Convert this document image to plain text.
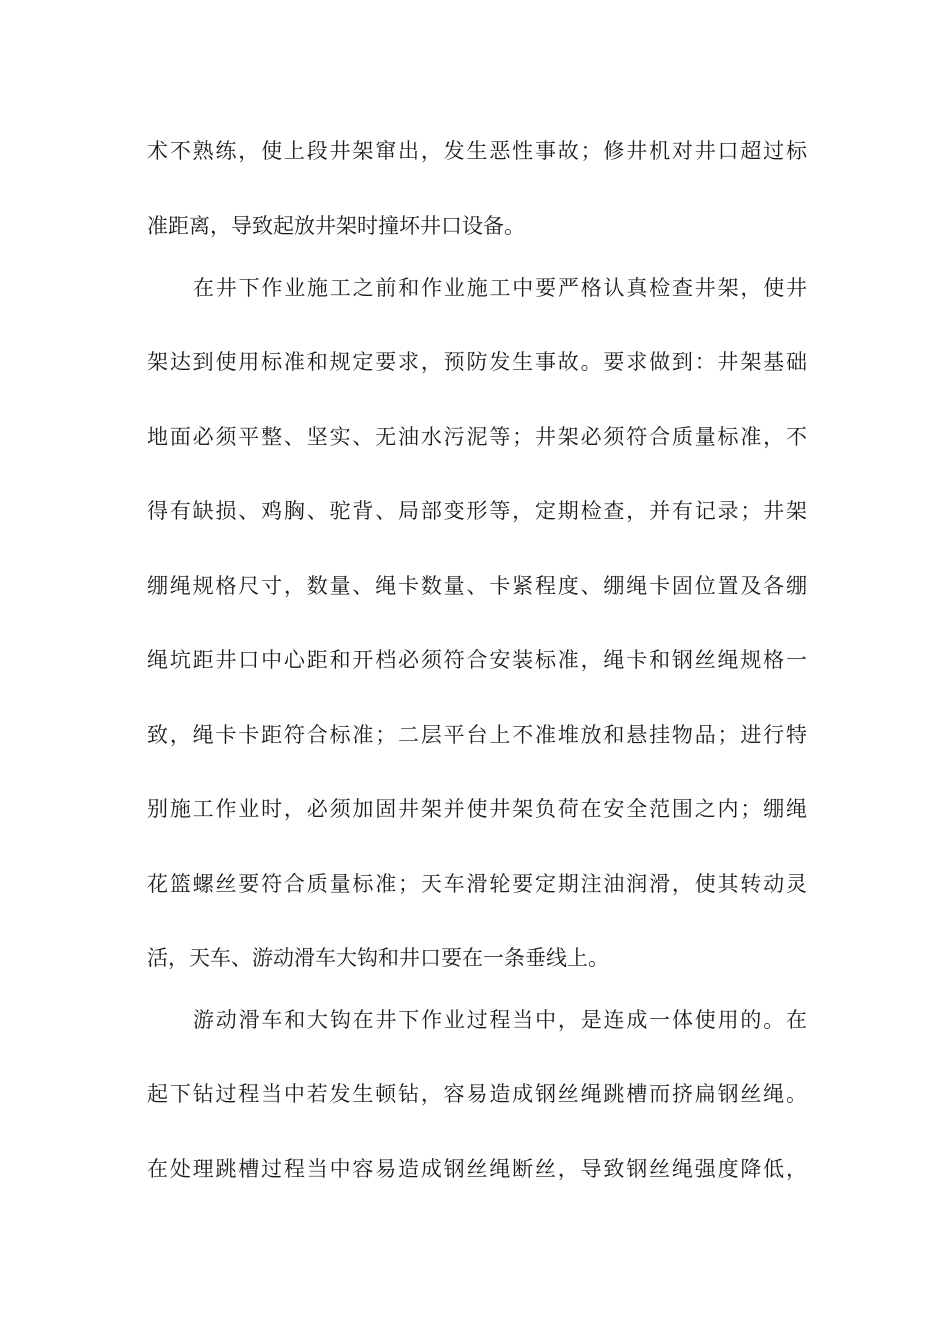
术不熟练，使上段井架窜出，发生恶性事故；修井机对井口超过标
准距离，导致起放井架时撞坏井口设备。
在井下作业施工之前和作业施工中要严格认真检查井架，使井
架达到使用标准和规定要求，预防发生事故。要求做到：井架基础
地面必须平整、坚实、无油水污泥等；井架必须符合质量标准，不
得有缺损、鸡胸、驼背、局部变形等，定期检查，并有记录；井架
绷绳规格尺寸，数量、绳卡数量、卡紧程度、绷绳卡固位置及各绷
绳坑距井口中心距和开档必须符合安装标准，绳卡和钢丝绳规格一
致，绳卡卡距符合标准；二层平台上不准堆放和悬挂物品；进行特
别施工作业时，必须加固井架并使井架负荷在安全范围之内；绷绳
花篮螺丝要符合质量标准；天车滑轮要定期注油润滑，使其转动灵
活，天车、游动滑车大钩和井口要在一条垂线上。
游动滑车和大钩在井下作业过程当中，是连成一体使用的。在
起下钻过程当中若发生顿钻，容易造成钢丝绳跳槽而挤扁钢丝绳。
在处理跳槽过程当中容易造成钢丝绳断丝，导致钢丝绳强度降低，
